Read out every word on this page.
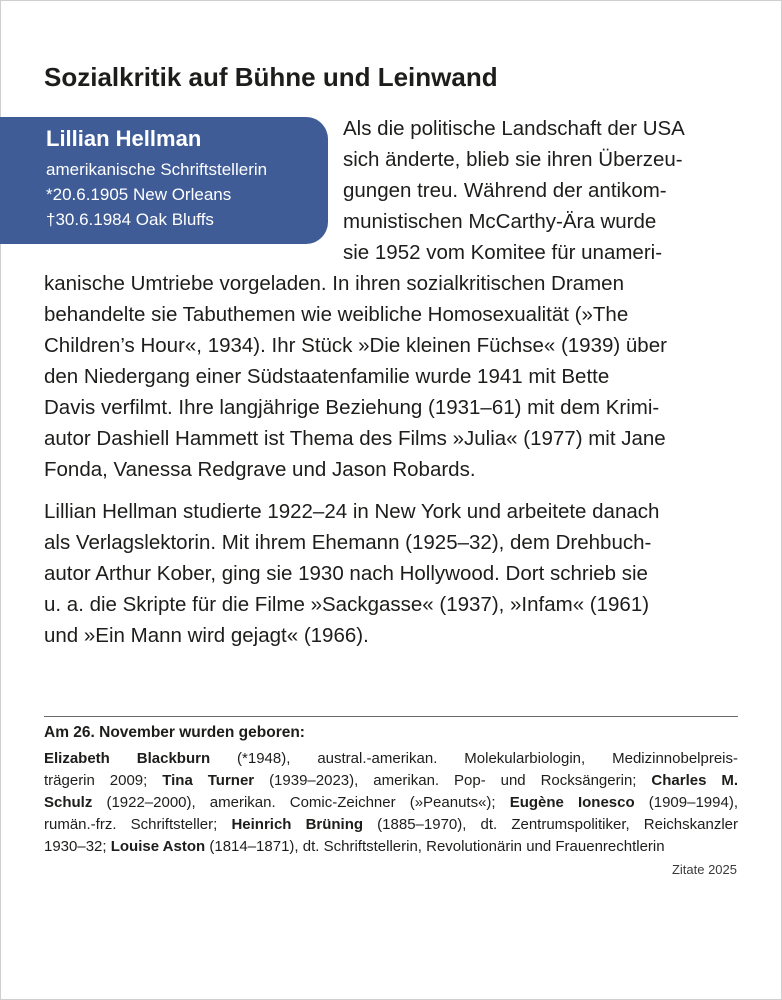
Sozialkritik auf Bühne und Leinwand
Lillian Hellman
amerikanische Schriftstellerin
*20.6.1905 New Orleans
†30.6.1984 Oak Bluffs
Als die politische Landschaft der USA
sich änderte, blieb sie ihren Überzeu-
gungen treu. Während der antikom-
munistischen McCarthy-Ära wurde
sie 1952 vom Komitee für unameri-
kanische Umtriebe vorgeladen. In ihren sozialkritischen Dramen
behandelte sie Tabuthemen wie weibliche Homosexualität (»The
Children’s Hour«, 1934). Ihr Stück »Die kleinen Füchse« (1939) über
den Niedergang einer Südstaatenfamilie wurde 1941 mit Bette
Davis verfilmt. Ihre langjährige Beziehung (1931–61) mit dem Krimi-
autor Dashiell Hammett ist Thema des Films »Julia« (1977) mit Jane
Fonda, Vanessa Redgrave und Jason Robards.
Lillian Hellman studierte 1922–24 in New York und arbeitete danach
als Verlagslektorin. Mit ihrem Ehemann (1925–32), dem Drehbuch-
autor Arthur Kober, ging sie 1930 nach Hollywood. Dort schrieb sie
u. a. die Skripte für die Filme »Sackgasse« (1937), »Infam« (1961)
und »Ein Mann wird gejagt« (1966).
Am 26. November wurden geboren:
Elizabeth Blackburn (*1948), austral.-amerikan. Molekularbiologin, Medizinnobelpreis-
trägerin 2009; Tina Turner (1939–2023), amerikan. Pop- und Rocksängerin; Charles M.
Schulz (1922–2000), amerikan. Comic-Zeichner (»Peanuts«); Eugène Ionesco (1909–1994),
rumän.-frz. Schriftsteller; Heinrich Brüning (1885–1970), dt. Zentrumspolitiker, Reichskanzler
1930–32; Louise Aston (1814–1871), dt. Schriftstellerin, Revolutionärin und Frauenrechtlerin
Zitate 2025
